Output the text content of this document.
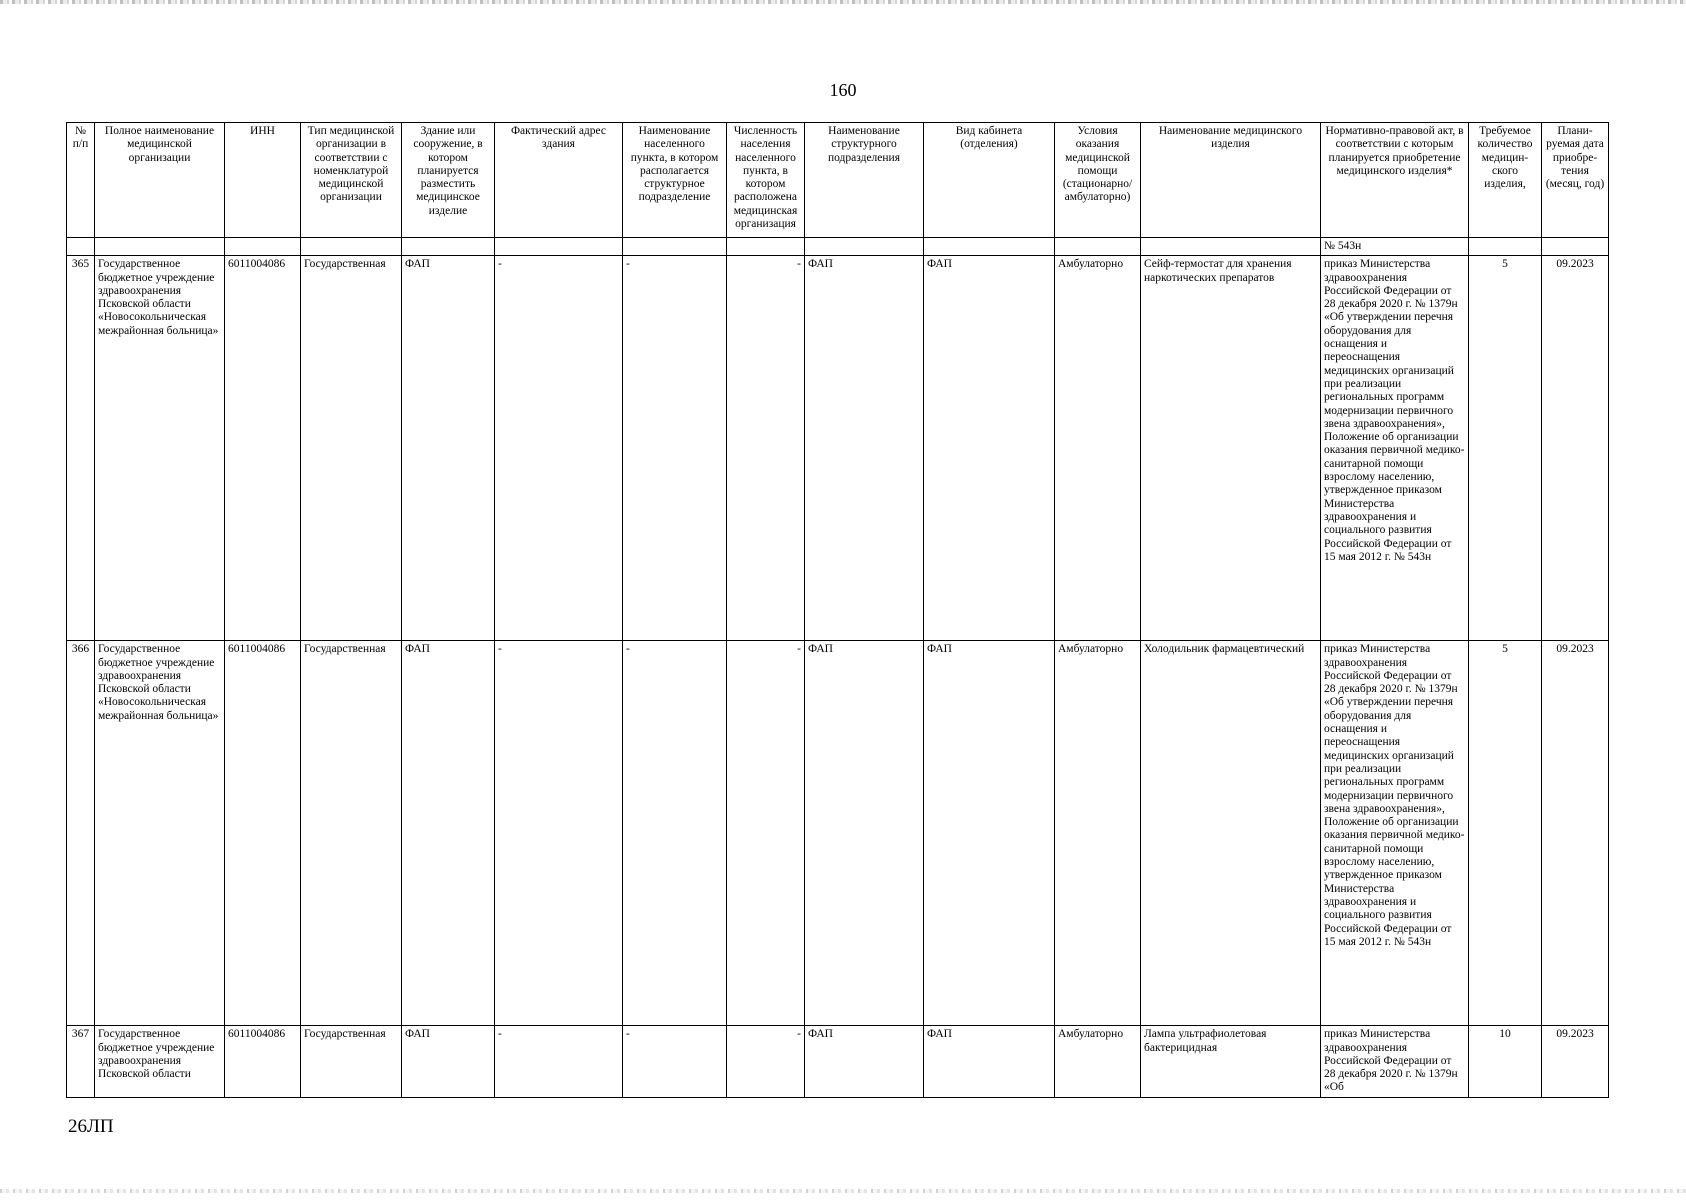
160
№ п/п	Полное наименование медицинской организации	ИНН	Тип медицинской организации в соответствии с номенклатурой медицинской организации	Здание или сооружение, в котором планируется разместить медицинское изделие	Фактический адрес здания	Наименование населенного пункта, в котором располагается структурное подразделение	Численность населения населенного пункта, в котором расположена медицинская организация	Наименование структурного подразделения	Вид кабинета (отделения)	Условия оказания медицинской помощи (стационарно/ амбулаторно)	Наименование медицинского изделия	Нормативно-правовой акт, в соответствии с которым планируется приобретение медицинского изделия*	Требуемое количество медицин- ского изделия,	Плани- руемая дата приобре- тения (месяц, год)
												№ 543н		
365	Государственное бюджетное учреждение здравоохранения Псковской области «Новосокольническая межрайонная больница»	6011004086	Государственная	ФАП	-	-	-	ФАП	ФАП	Амбулаторно	Сейф-термостат для хранения наркотических препаратов	приказ Министерства здравоохранения Российской Федерации от 28 декабря 2020 г. № 1379н «Об утверждении перечня оборудования для оснащения и переоснащения медицинских организаций при реализации региональных программ модернизации первичного звена здравоохранения», Положение об организации оказания первичной медико-санитарной помощи взрослому населению, утвержденное приказом Министерства здравоохранения и социального развития Российской Федерации от 15 мая 2012 г. № 543н	5	09.2023
366	Государственное бюджетное учреждение здравоохранения Псковской области «Новосокольническая межрайонная больница»	6011004086	Государственная	ФАП	-	-	-	ФАП	ФАП	Амбулаторно	Холодильник фармацевтический	приказ Министерства здравоохранения Российской Федерации от 28 декабря 2020 г. № 1379н «Об утверждении перечня оборудования для оснащения и переоснащения медицинских организаций при реализации региональных программ модернизации первичного звена здравоохранения», Положение об организации оказания первичной медико-санитарной помощи взрослому населению, утвержденное приказом Министерства здравоохранения и социального развития Российской Федерации от 15 мая 2012 г. № 543н	5	09.2023
367	Государственное бюджетное учреждение здравоохранения Псковской области	6011004086	Государственная	ФАП	-	-	-	ФАП	ФАП	Амбулаторно	Лампа ультрафиолетовая бактерицидная	приказ Министерства здравоохранения Российской Федерации от 28 декабря 2020 г. № 1379н «Об	10	09.2023
26ЛП
